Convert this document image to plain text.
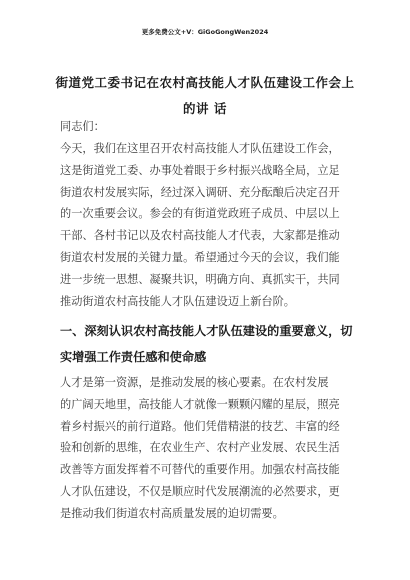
更多免费公文+V：GiGoGongWen2024
街道党工委书记在农村高技能人才队伍建设工作会上的讲 话
同志们：
今天，我们在这里召开农村高技能人才队伍建设工作会，
这是街道党工委、办事处着眼于乡村振兴战略全局，立足
街道农村发展实际，经过深入调研、充分酝酿后决定召开
的一次重要会议。参会的有街道党政班子成员、中层以上
干部、各村书记以及农村高技能人才代表，大家都是推动
街道农村发展的关键力量。希望通过今天的会议，我们能
进一步统一思想、凝聚共识，明确方向、真抓实干，共同
推动街道农村高技能人才队伍建设迈上新台阶。
一、深刻认识农村高技能人才队伍建设的重要意义，切
实增强工作责任感和使命感
人才是第一资源，是推动发展的核心要素。在农村发展
的广阔天地里，高技能人才就像一颗颗闪耀的星辰，照亮
着乡村振兴的前行道路。他们凭借精湛的技艺、丰富的经
验和创新的思维，在农业生产、农村产业发展、农民生活
改善等方面发挥着不可替代的重要作用。加强农村高技能
人才队伍建设，不仅是顺应时代发展潮流的必然要求，更
是推动我们街道农村高质量发展的迫切需要。
